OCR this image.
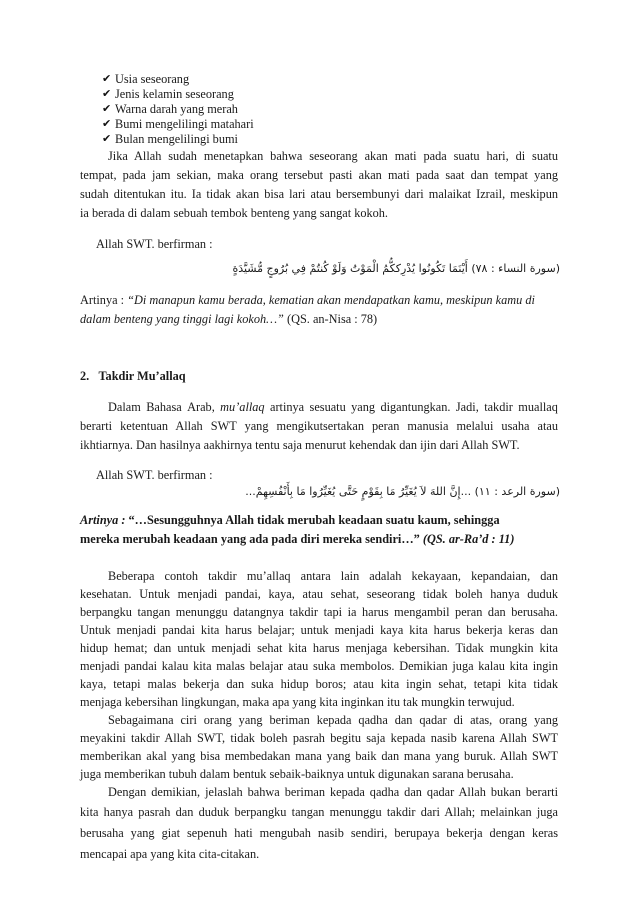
✔ Usia seseorang
✔ Jenis kelamin seseorang
✔ Warna darah yang merah
✔ Bumi mengelilingi matahari
✔ Bulan mengelilingi bumi
Jika Allah sudah menetapkan bahwa seseorang akan mati pada suatu hari, di suatu
tempat, pada jam sekian, maka orang tersebut pasti akan mati pada saat dan tempat yang
sudah ditentukan itu. Ia tidak akan bisa lari atau bersembunyi dari malaikat Izrail, meskipun
ia berada di dalam sebuah tembok benteng yang sangat kokoh.
Allah SWT. berfirman :
(سورة النساء : ٧٨) أَيْنَمَا تَكُونُوا يُدْرِككُّمُ الْمَوْتُ وَلَوْ كُنتُمْ فِي بُرُوجٍ مُّشَيَّدَةٍ
Artinya : “Di manapun kamu berada, kematian akan mendapatkan kamu, meskipun kamu di
dalam benteng yang tinggi lagi kokoh…” (QS. an-Nisa : 78)
2. Takdir Mu’allaq
Dalam Bahasa Arab, mu’allaq artinya sesuatu yang digantungkan. Jadi, takdir muallaq
berarti ketentuan Allah SWT yang mengikutsertakan peran manusia melalui usaha atau
ikhtiarnya. Dan hasilnya aakhirnya tentu saja menurut kehendak dan ijin dari Allah SWT.
Allah SWT. berfirman :
(سورة الرعد : ١١) ...إِنَّ اللهَ لاَ يُغَيِّرُ مَا بِقَوْمٍ حَتَّى يُغَيِّرُوا مَا بِأَنْفُسِهِمْ...
Artinya : “…Sesungguhnya Allah tidak merubah keadaan suatu kaum, sehingga
mereka merubah keadaan yang ada pada diri mereka sendiri…” (QS. ar-Ra’d : 11)
Beberapa contoh takdir mu’allaq antara lain adalah kekayaan, kepandaian, dan
kesehatan. Untuk menjadi pandai, kaya, atau sehat, seseorang tidak boleh hanya duduk
berpangku tangan menunggu datangnya takdir tapi ia harus mengambil peran dan berusaha.
Untuk menjadi pandai kita harus belajar; untuk menjadi kaya kita harus bekerja keras dan
hidup hemat; dan untuk menjadi sehat kita harus menjaga kebersihan. Tidak mungkin kita
menjadi pandai kalau kita malas belajar atau suka membolos. Demikian juga kalau kita ingin
kaya, tetapi malas bekerja dan suka hidup boros; atau kita ingin sehat, tetapi kita tidak
menjaga kebersihan lingkungan, maka apa yang kita inginkan itu tak mungkin terwujud.
Sebagaimana ciri orang yang beriman kepada qadha dan qadar di atas, orang yang
meyakini takdir Allah SWT, tidak boleh pasrah begitu saja kepada nasib karena Allah SWT
memberikan akal yang bisa membedakan mana yang baik dan mana yang buruk. Allah SWT
juga memberikan tubuh dalam bentuk sebaik-baiknya untuk digunakan sarana berusaha.
Dengan demikian, jelaslah bahwa beriman kepada qadha dan qadar Allah bukan berarti
kita hanya pasrah dan duduk berpangku tangan menunggu takdir dari Allah; melainkan juga
berusaha yang giat sepenuh hati mengubah nasib sendiri, berupaya bekerja dengan keras
mencapai apa yang kita cita-citakan.
